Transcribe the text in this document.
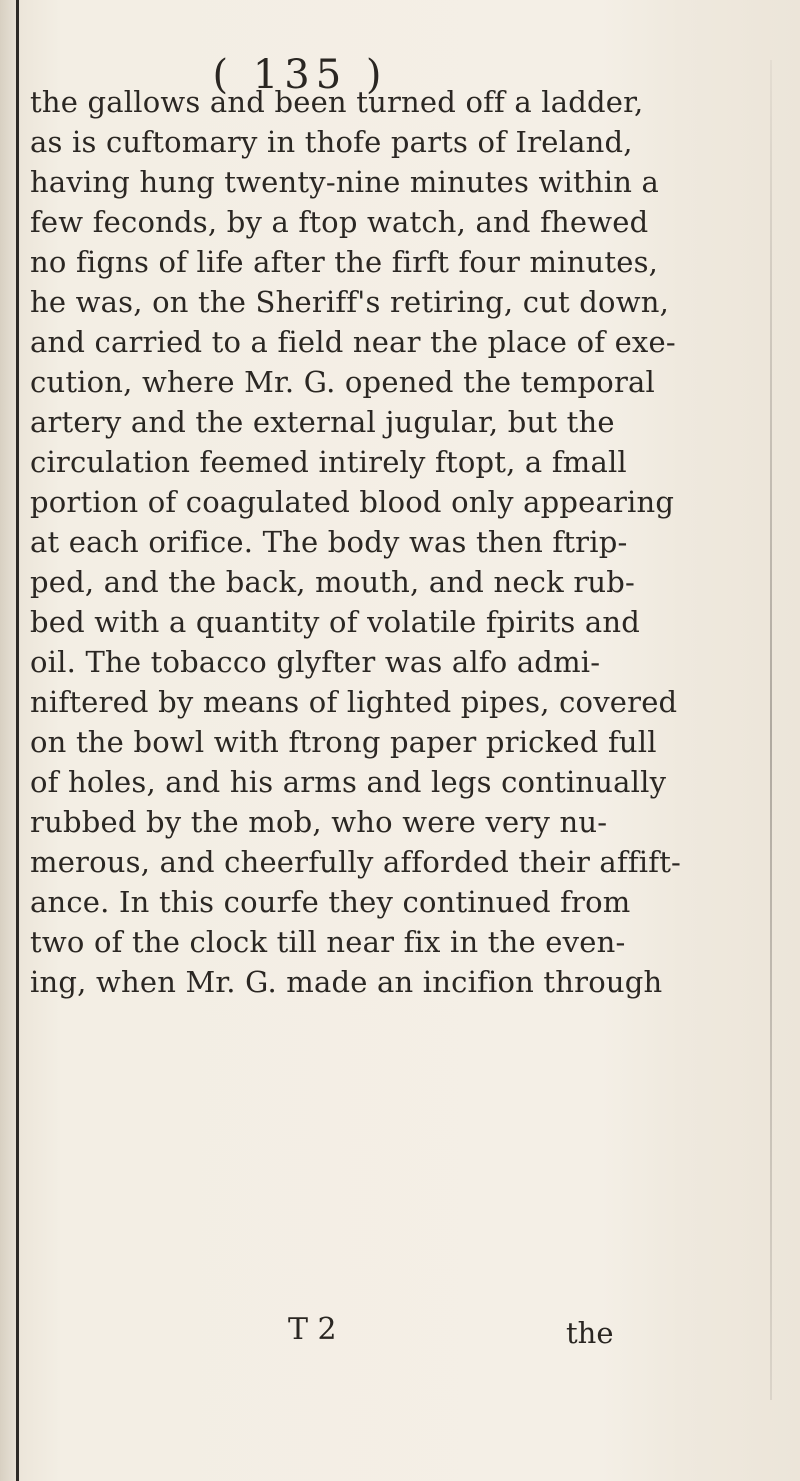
( 135 )
the gallows and been turned off a ladder,
as is cuftomary in thofe parts of Ireland,
having hung twenty-nine minutes within a
few feconds, by a ftop watch, and fhewed
no figns of life after the firft four minutes,
he was, on the Sheriff's retiring, cut down,
and carried to a field near the place of exe-
cution, where Mr. G. opened the temporal
artery and the external jugular, but the
circulation feemed intirely ftopt, a fmall
portion of coagulated blood only appearing
at each orifice. The body was then ftrip-
ped, and the back, mouth, and neck rub-
bed with a quantity of volatile fpirits and
oil. The tobacco glyfter was alfo admi-
niftered by means of lighted pipes, covered
on the bowl with ftrong paper pricked full
of holes, and his arms and legs continually
rubbed by the mob, who were very nu-
merous, and cheerfully afforded their affift-
ance. In this courfe they continued from
two of the clock till near fix in the even-
ing, when Mr. G. made an incifion through
T 2	the
